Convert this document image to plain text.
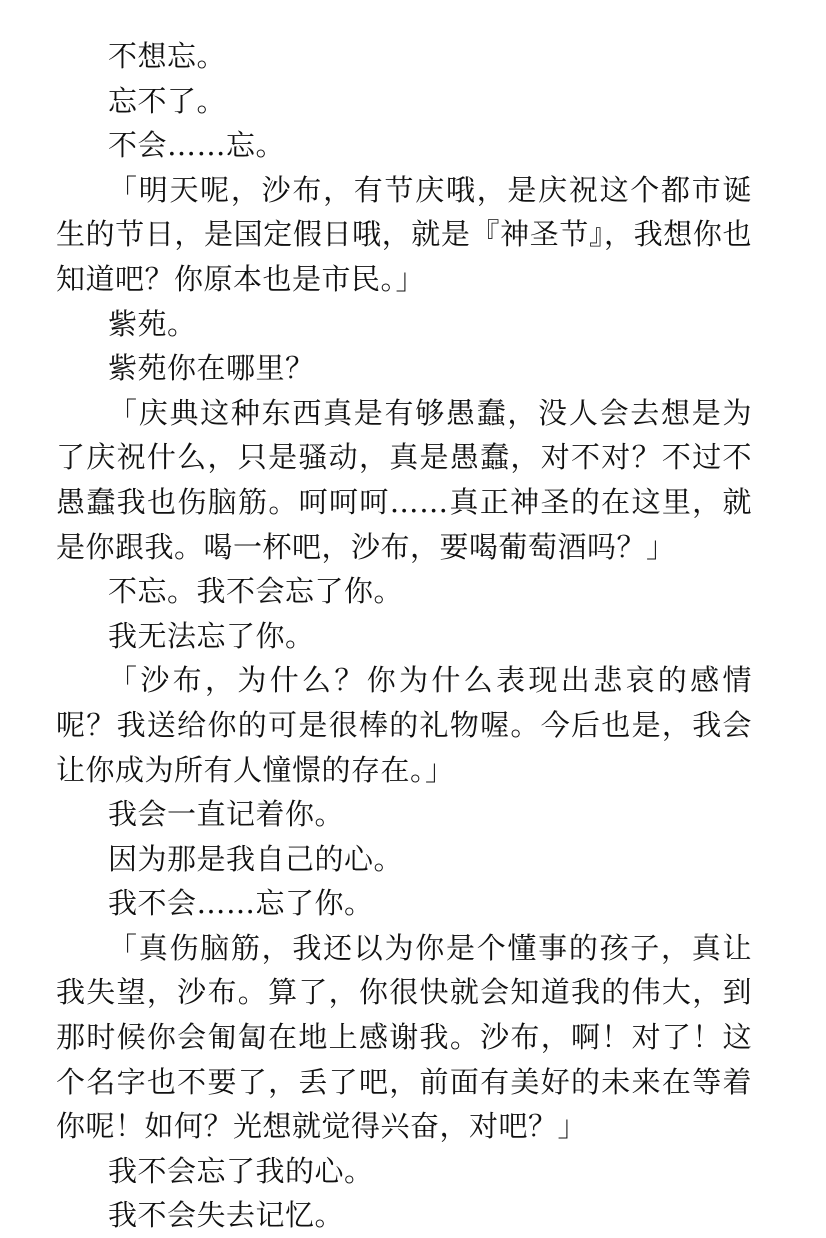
不想忘。

忘不了。

不会……忘。

「明天呢，沙布，有节庆哦，是庆祝这个都市诞生的节日，是国定假日哦，就是『神圣节』，我想你也知道吧？你原本也是市民。」

紫苑。

紫苑你在哪里？

「庆典这种东西真是有够愚蠢，没人会去想是为了庆祝什么，只是骚动，真是愚蠢，对不对？不过不愚蠢我也伤脑筋。呵呵呵……真正神圣的在这里，就是你跟我。喝一杯吧，沙布，要喝葡萄酒吗？」

不忘。我不会忘了你。

我无法忘了你。

「沙布，为什么？你为什么表现出悲哀的感情呢？我送给你的可是很棒的礼物喔。今后也是，我会让你成为所有人憧憬的存在。」

我会一直记着你。

因为那是我自己的心。

我不会……忘了你。

「真伤脑筋，我还以为你是个懂事的孩子，真让我失望，沙布。算了，你很快就会知道我的伟大，到那时候你会匍匐在地上感谢我。沙布，啊！对了！这个名字也不要了，丢了吧，前面有美好的未来在等着你呢！如何？光想就觉得兴奋，对吧？」

我不会忘了我的心。

我不会失去记忆。
